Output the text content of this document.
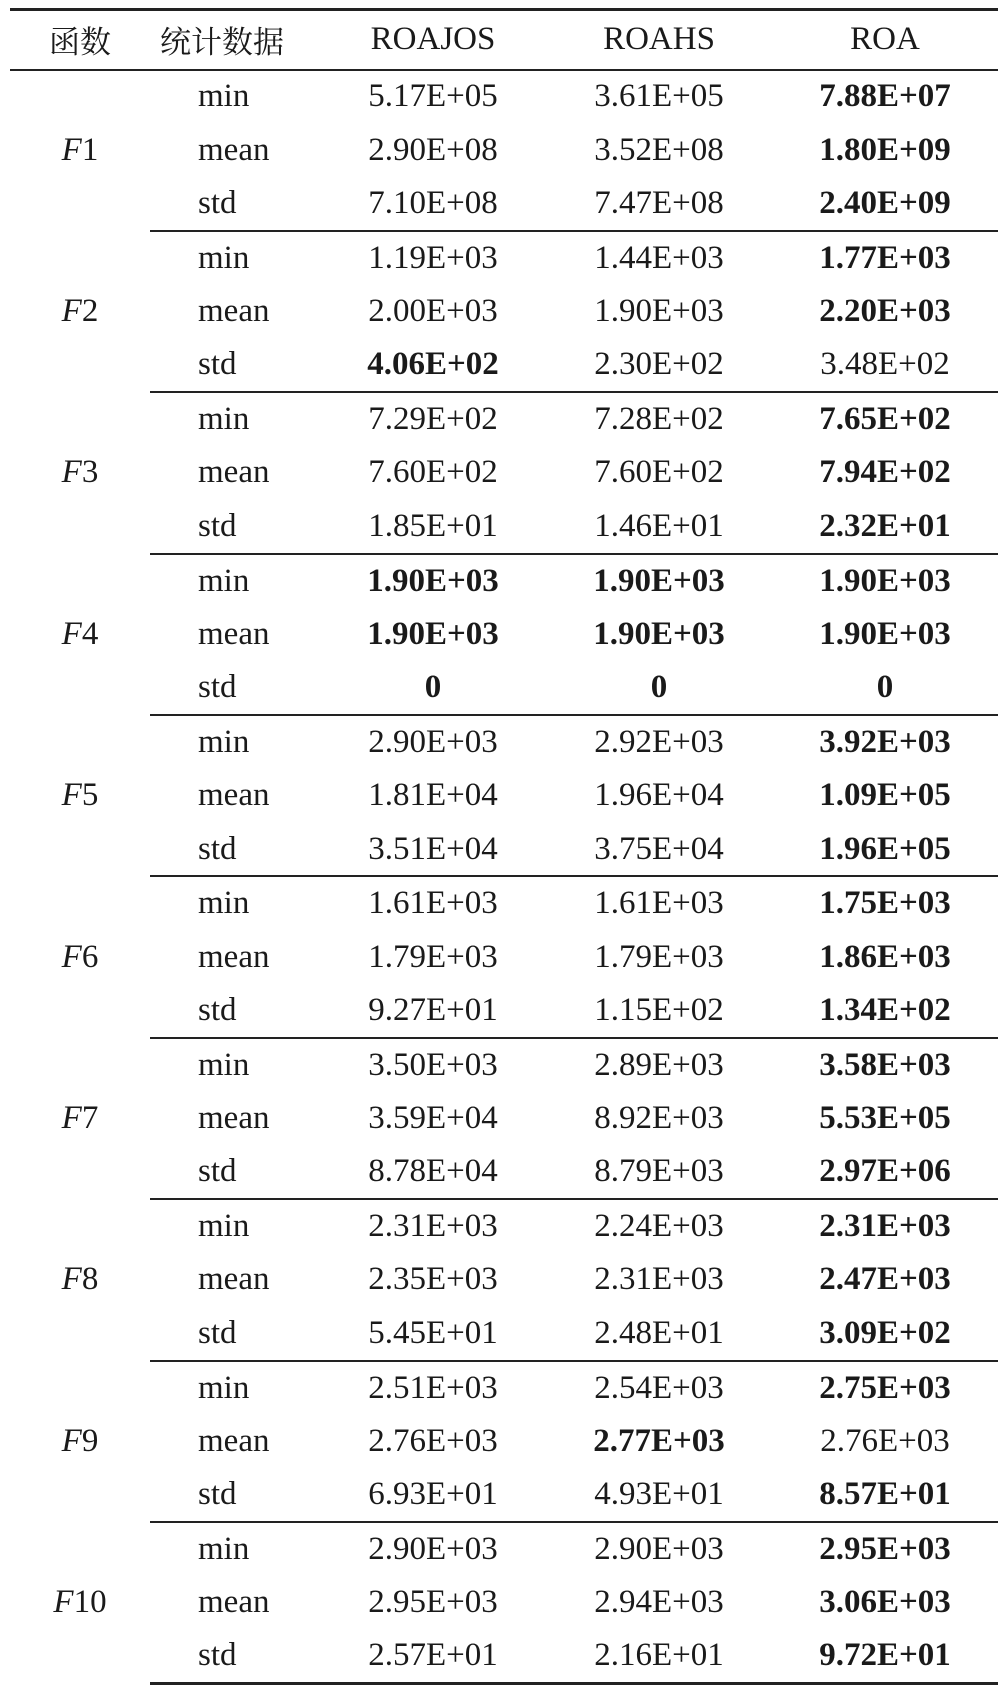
函数	统计数据	ROAJOS	ROAHS	ROA
F1	min	5.17E+05	3.61E+05	7.88E+07
	mean	2.90E+08	3.52E+08	1.80E+09
	std	7.10E+08	7.47E+08	2.40E+09
F2	min	1.19E+03	1.44E+03	1.77E+03
	mean	2.00E+03	1.90E+03	2.20E+03
	std	4.06E+02	2.30E+02	3.48E+02
F3	min	7.29E+02	7.28E+02	7.65E+02
	mean	7.60E+02	7.60E+02	7.94E+02
	std	1.85E+01	1.46E+01	2.32E+01
F4	min	1.90E+03	1.90E+03	1.90E+03
	mean	1.90E+03	1.90E+03	1.90E+03
	std	0	0	0
F5	min	2.90E+03	2.92E+03	3.92E+03
	mean	1.81E+04	1.96E+04	1.09E+05
	std	3.51E+04	3.75E+04	1.96E+05
F6	min	1.61E+03	1.61E+03	1.75E+03
	mean	1.79E+03	1.79E+03	1.86E+03
	std	9.27E+01	1.15E+02	1.34E+02
F7	min	3.50E+03	2.89E+03	3.58E+03
	mean	3.59E+04	8.92E+03	5.53E+05
	std	8.78E+04	8.79E+03	2.97E+06
F8	min	2.31E+03	2.24E+03	2.31E+03
	mean	2.35E+03	2.31E+03	2.47E+03
	std	5.45E+01	2.48E+01	3.09E+02
F9	min	2.51E+03	2.54E+03	2.75E+03
	mean	2.76E+03	2.77E+03	2.76E+03
	std	6.93E+01	4.93E+01	8.57E+01
F10	min	2.90E+03	2.90E+03	2.95E+03
	mean	2.95E+03	2.94E+03	3.06E+03
	std	2.57E+01	2.16E+01	9.72E+01
